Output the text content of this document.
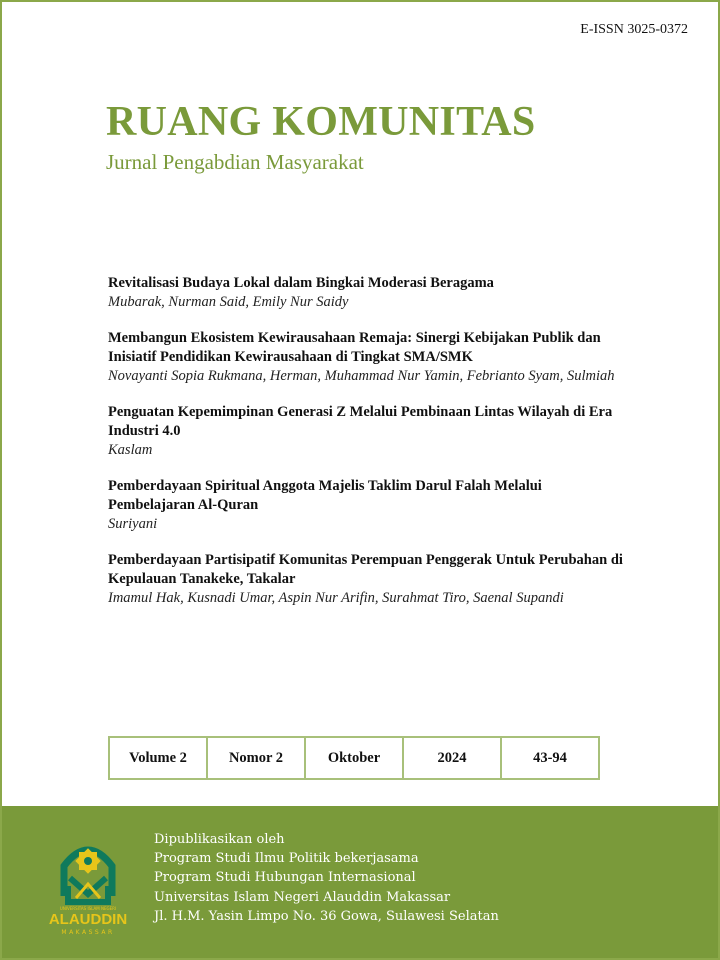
E-ISSN 3025-0372
RUANG KOMUNITAS
Jurnal Pengabdian Masyarakat
Revitalisasi Budaya Lokal dalam Bingkai Moderasi Beragama
Mubarak, Nurman Said, Emily Nur Saidy
Membangun Ekosistem Kewirausahaan Remaja: Sinergi Kebijakan Publik dan Inisiatif Pendidikan Kewirausahaan di Tingkat SMA/SMK
Novayanti Sopia Rukmana, Herman, Muhammad Nur Yamin, Febrianto Syam, Sulmiah
Penguatan Kepemimpinan Generasi Z Melalui Pembinaan Lintas Wilayah di Era Industri 4.0
Kaslam
Pemberdayaan Spiritual Anggota Majelis Taklim Darul Falah Melalui Pembelajaran Al-Quran
Suriyani
Pemberdayaan Partisipatif Komunitas Perempuan Penggerak Untuk Perubahan di Kepulauan Tanakeke, Takalar
Imamul Hak, Kusnadi Umar, Aspin Nur Arifin, Surahmat Tiro, Saenal Supandi
Volume 2	Nomor 2	Oktober	2024	43-94
UNIVERSITAS ISLAM NEGERI
ALAUDDIN
MAKASSAR
Dipublikasikan oleh
Program Studi Ilmu Politik bekerjasama
Program Studi Hubungan Internasional
Universitas Islam Negeri Alauddin Makassar
Jl. H.M. Yasin Limpo No. 36 Gowa, Sulawesi Selatan
